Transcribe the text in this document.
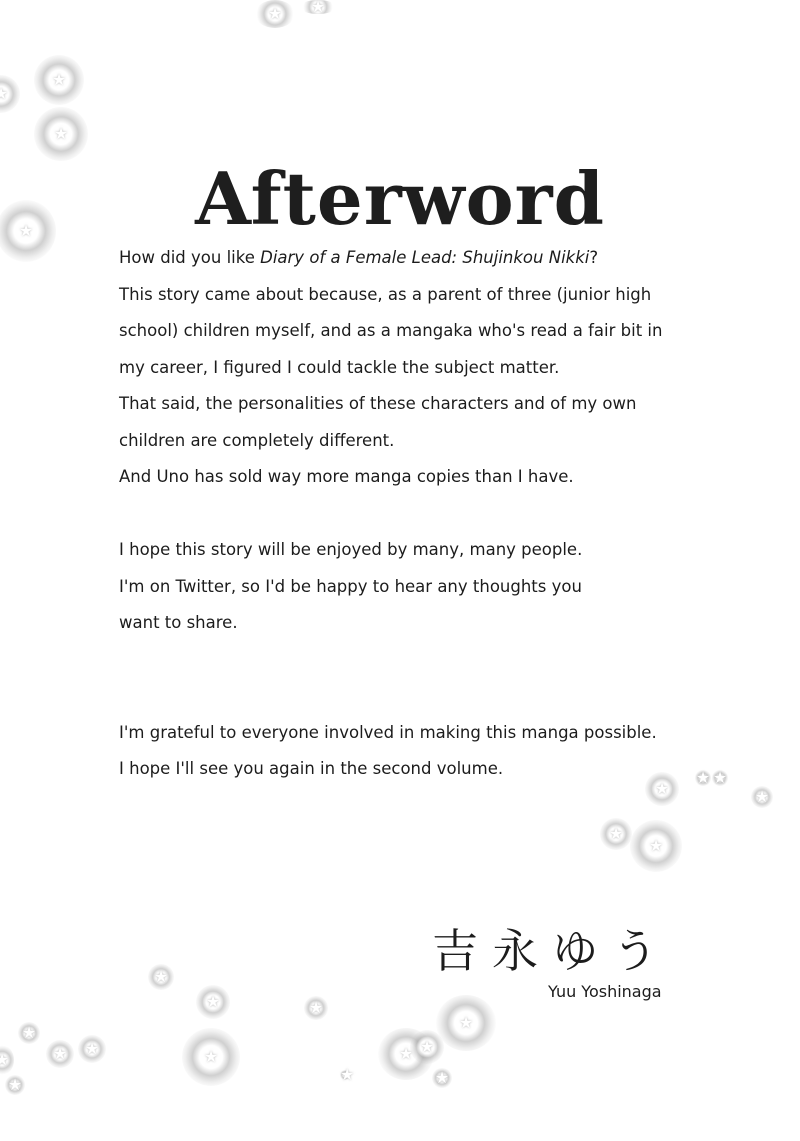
★
★
★
★
★
★
★
★
★
★
★
★
★
★
★
★
★
★
★
★
★
★
★
★
★
★
Afterword
How did you like Diary of a Female Lead: Shujinkou Nikki?
This story came about because, as a parent of three (junior high
school) children myself, and as a mangaka who's read a fair bit in
my career, I figured I could tackle the subject matter.
That said, the personalities of these characters and of my own
children are completely different.
And Uno has sold way more manga copies than I have.
I hope this story will be enjoyed by many, many people.
I'm on Twitter, so I'd be happy to hear any thoughts you
want to share.
I'm grateful to everyone involved in making this manga possible.
I hope I'll see you again in the second volume.
吉永ゆう
Yuu Yoshinaga
